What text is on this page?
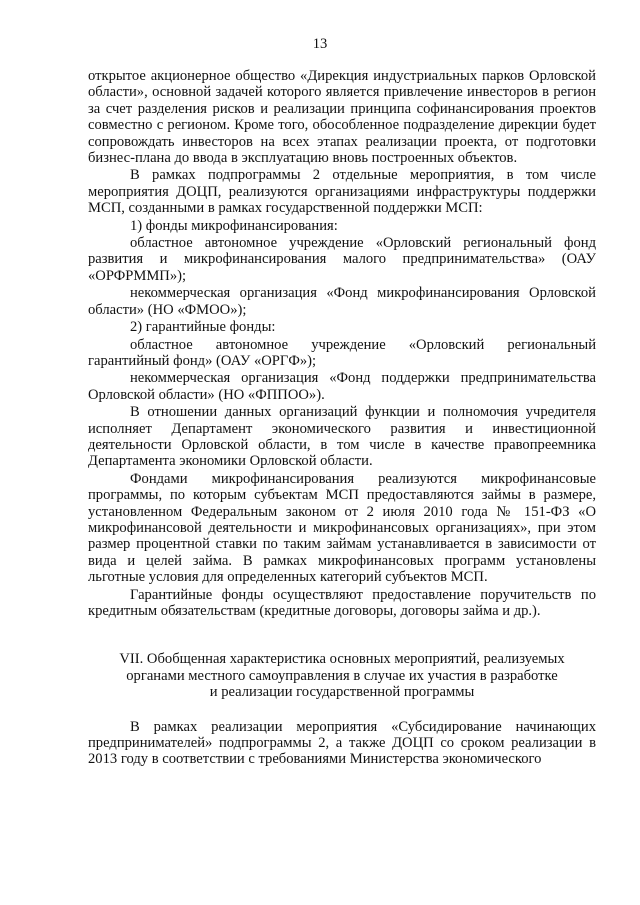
13

открытое акционерное общество «Дирекция индустриальных парков Орловской области», основной задачей которого является привлечение инвесторов в регион за счет разделения рисков и реализации принципа софинансирования проектов совместно с регионом. Кроме того, обособленное подразделение дирекции будет сопровождать инвесторов на всех этапах реализации проекта, от подготовки бизнес-плана до ввода в эксплуатацию вновь построенных объектов.

В рамках подпрограммы 2 отдельные мероприятия, в том числе мероприятия ДОЦП, реализуются организациями инфраструктуры поддержки МСП, созданными в рамках государственной поддержки МСП:

1) фонды микрофинансирования:

областное автономное учреждение «Орловский региональный фонд развития и микрофинансирования малого предпринимательства» (ОАУ «ОРФРММП»);

некоммерческая организация «Фонд микрофинансирования Орловской области» (НО «ФМОО»);

2) гарантийные фонды:

областное автономное учреждение «Орловский региональный гарантийный фонд» (ОАУ «ОРГФ»);

некоммерческая организация «Фонд поддержки предпринимательства Орловской области» (НО «ФППОО»).

В отношении данных организаций функции и полномочия учредителя исполняет Департамент экономического развития и инвестиционной деятельности Орловской области, в том числе в качестве правопреемника Департамента экономики Орловской области.

Фондами микрофинансирования реализуются микрофинансовые программы, по которым субъектам МСП предоставляются займы в размере, установленном Федеральным законом от 2 июля 2010 года № 151-ФЗ «О микрофинансовой деятельности и микрофинансовых организациях», при этом размер процентной ставки по таким займам устанавливается в зависимости от вида и целей займа. В рамках микрофинансовых программ установлены льготные условия для определенных категорий субъектов МСП.

Гарантийные фонды осуществляют предоставление поручительств по кредитным обязательствам (кредитные договоры, договоры займа и др.).

VII. Обобщенная характеристика основных мероприятий, реализуемых
органами местного самоуправления в случае их участия в разработке
и реализации государственной программы

В рамках реализации мероприятия «Субсидирование начинающих предпринимателей» подпрограммы 2, а также ДОЦП со сроком реализации в 2013 году в соответствии с требованиями Министерства экономического
